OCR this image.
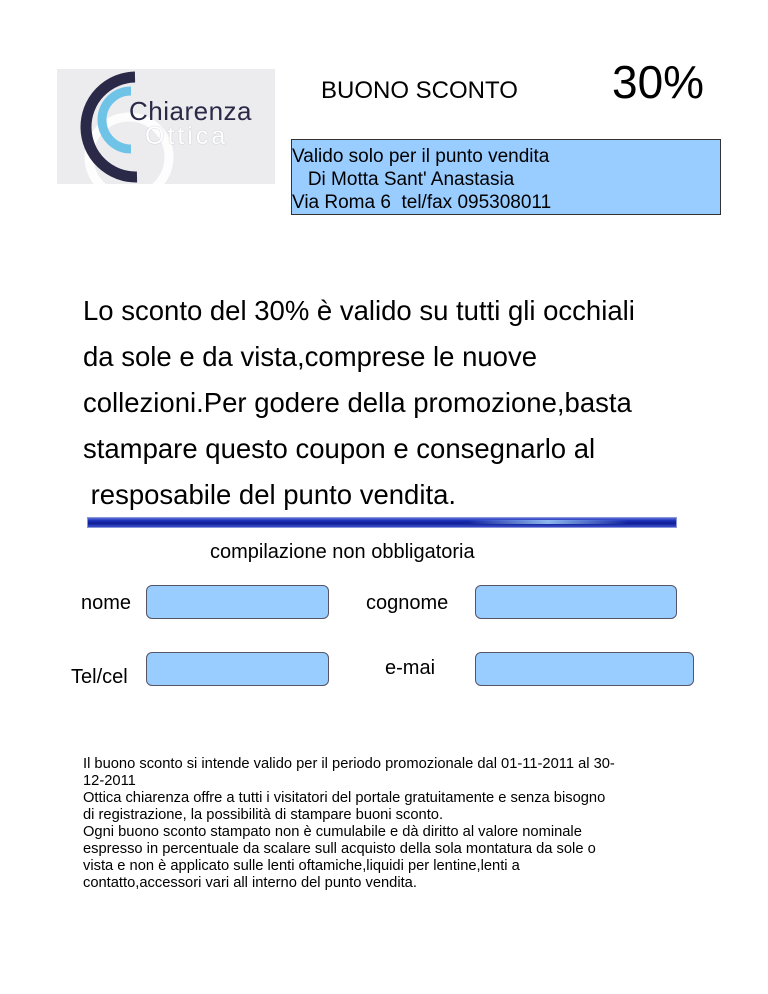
Chiarenza
Ottica
BUONO SCONTO 30%
Valido solo per il punto vendita
Di Motta Sant' Anastasia
Via Roma 6  tel/fax 095308011
Lo sconto del 30% è valido su tutti gli occhiali
da sole e da vista,comprese le nuove
collezioni.Per godere della promozione,basta
stampare questo coupon e consegnarlo al
resposabile del punto vendita.
compilazione non obbligatoria
nome	cognome
Tel/cel	e-mai
Il buono sconto si intende valido per il periodo promozionale dal 01-11-2011 al 30-
12-2011
Ottica chiarenza offre a tutti i visitatori del portale gratuitamente e senza bisogno
di registrazione, la possibilità di stampare buoni sconto.
Ogni buono sconto stampato non è cumulabile e dà diritto al valore nominale
espresso in percentuale da scalare sull acquisto della sola montatura da sole o
vista e non è applicato sulle lenti oftamiche,liquidi per lentine,lenti a
contatto,accessori vari all interno del punto vendita.
